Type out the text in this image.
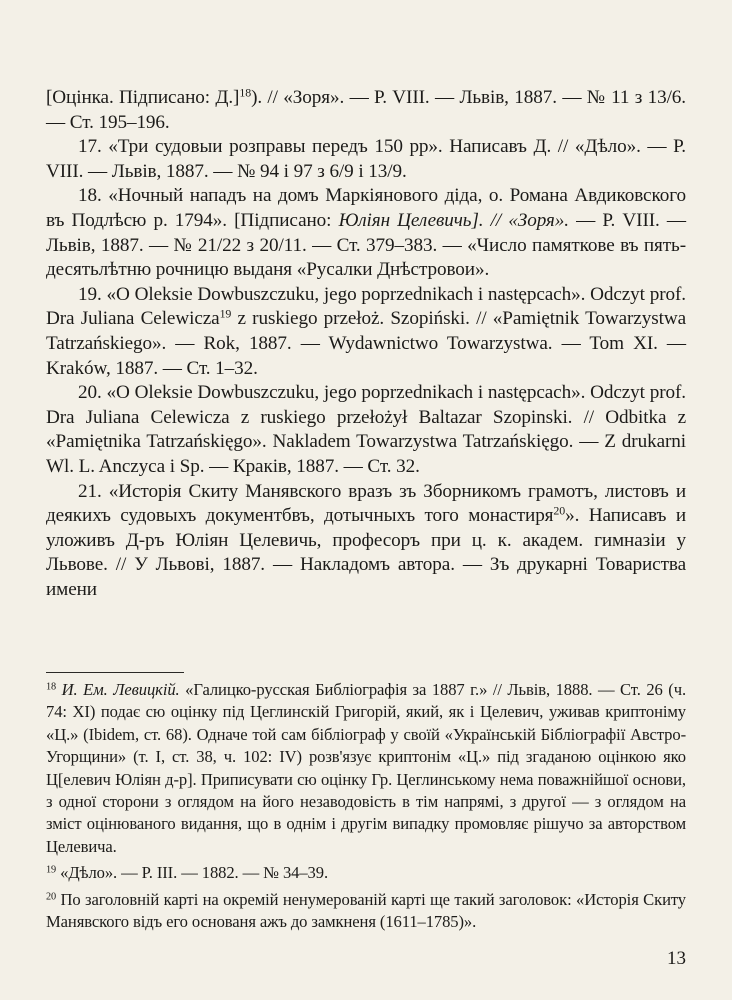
[Оцінка. Підписано: Д.]$^{18}$). // «Зоря». — Р. VIII. — Львів, 1887. — № 11 з 13/6. — Ст. 195–196.

17. «Три судовыи розправы передъ 150 рр». Написавъ Д. // «Дѣло». — Р. VIII. — Львів, 1887. — № 94 і 97 з 6/9 і 13/9.

18. «Ночный нападъ на домъ Маркіянового діда, о. Романа Авдиковского въ Подлѣсю р. 1794». [Підписано: Юліян Целевичь]. // «Зоря». — Р. VIII. — Львів, 1887. — № 21/22 з 20/11. — Ст. 379–383. — «Число памяткове въ пять-десятьлѣтню рочницю выданя «Русалки Днѣстровои».

19. «O Oleksie Dowbuszczuku, jego poprzednikach i następcach». Odczyt prof. Dra Juliana Celewicza$^{19}$ z ruskiego przełoż. Szopiński. // «Pamiętnik Towarzystwa Tatrzańskiego». — Rok, 1887. — Wydawnictwo Towarzystwa. — Tom XI. — Kraków, 1887. — Ст. 1–32.

20. «O Oleksie Dowbuszczuku, jego poprzednikach i następcach». Odczyt prof. Dra Juliana Celewicza z ruskiego przełożył Baltazar Szopinski. // Odbitka z «Pamiętnika Tatrzańskięgo». Nakladem Towarzystwa Tatrzańskięgo. — Z drukarni Wl. L. Anczyca i Sp. — Краків, 1887. — Ст. 32.

21. «Исторія Скиту Манявского вразъ зъ Зборникомъ грамотъ, листовъ и деякихъ судовыхъ документбвъ, дотычныхъ того монастиря$^{20}$». Написавъ и уложивъ Д-ръ Юліян Целевичь, професоръ при ц. к. академ. гимназіи у Львове. // У Львові, 1887. — Накладомъ автора. — Зъ друкарні Товариства имени

$^{18}$ И. Ем. Левицкій. «Галицко-русская Библіографія за 1887 г.» // Львів, 1888. — Ст. 26 (ч. 74: XI) подає сю оцінку під Цеглинскій Григорій, який, як і Целевич, уживав криптоніму «Ц.» (Ibidem, ст. 68). Одначе той сам бібліограф у своїй «Українській Бібліографії Австро-Угорщини» (т. І, ст. 38, ч. 102: IV) розв'язує криптонім «Ц.» під згаданою оцінкою яко Ц[елевич Юліян д-р]. Приписувати сю оцінку Гр. Цеглинському нема поважнійшої основи, з одної сторони з оглядом на його незаводовість в тім напрямі, з другої — з оглядом на зміст оцінюваного видання, що в однім і другім випадку промовляє рішучо за авторством Целевича.

$^{19}$ «Дѣло». — Р. ІІІ. — 1882. — № 34–39.

$^{20}$ По заголовній карті на окремій ненумерованій карті ще такий заголовок: «Исторія Скиту Манявского відъ его основаня ажъ до замкненя (1611–1785)».

13
